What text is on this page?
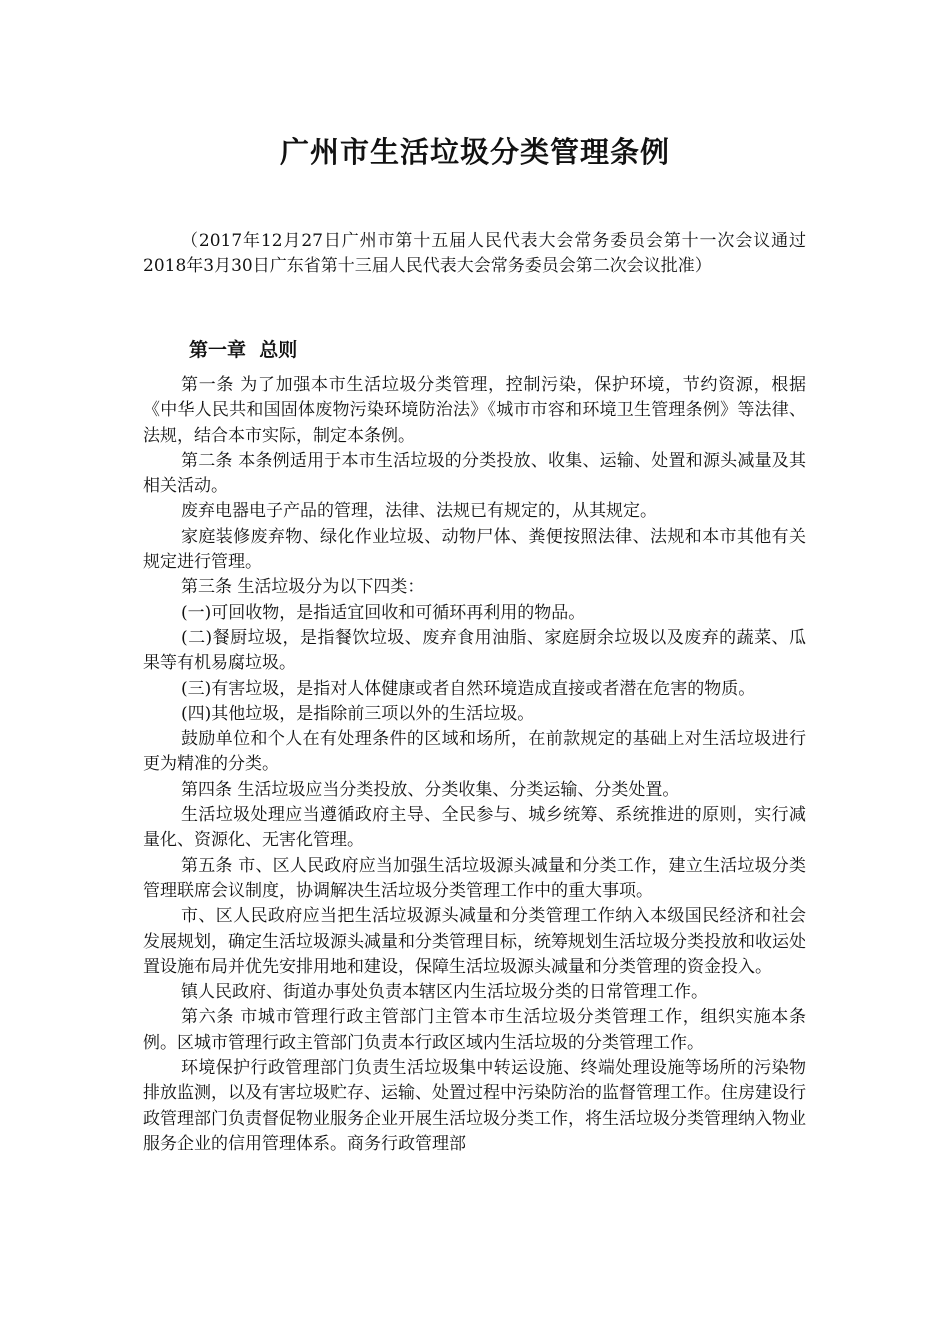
广州市生活垃圾分类管理条例

（2017年12月27日广州市第十五届人民代表大会常务委员会第十一次会议通过 2018年3月30日广东省第十三届人民代表大会常务委员会第二次会议批准）

第一章  总则

第一条 为了加强本市生活垃圾分类管理，控制污染，保护环境，节约资源，根据《中华人民共和国固体废物污染环境防治法》《城市市容和环境卫生管理条例》等法律、法规，结合本市实际，制定本条例。

第二条 本条例适用于本市生活垃圾的分类投放、收集、运输、处置和源头减量及其相关活动。

废弃电器电子产品的管理，法律、法规已有规定的，从其规定。

家庭装修废弃物、绿化作业垃圾、动物尸体、粪便按照法律、法规和本市其他有关规定进行管理。

第三条 生活垃圾分为以下四类：

(一)可回收物，是指适宜回收和可循环再利用的物品。

(二)餐厨垃圾，是指餐饮垃圾、废弃食用油脂、家庭厨余垃圾以及废弃的蔬菜、瓜果等有机易腐垃圾。

(三)有害垃圾，是指对人体健康或者自然环境造成直接或者潜在危害的物质。

(四)其他垃圾，是指除前三项以外的生活垃圾。

鼓励单位和个人在有处理条件的区域和场所，在前款规定的基础上对生活垃圾进行更为精准的分类。

第四条 生活垃圾应当分类投放、分类收集、分类运输、分类处置。

生活垃圾处理应当遵循政府主导、全民参与、城乡统筹、系统推进的原则，实行减量化、资源化、无害化管理。

第五条 市、区人民政府应当加强生活垃圾源头减量和分类工作，建立生活垃圾分类管理联席会议制度，协调解决生活垃圾分类管理工作中的重大事项。

市、区人民政府应当把生活垃圾源头减量和分类管理工作纳入本级国民经济和社会发展规划，确定生活垃圾源头减量和分类管理目标，统筹规划生活垃圾分类投放和收运处置设施布局并优先安排用地和建设，保障生活垃圾源头减量和分类管理的资金投入。

镇人民政府、街道办事处负责本辖区内生活垃圾分类的日常管理工作。

第六条 市城市管理行政主管部门主管本市生活垃圾分类管理工作，组织实施本条例。区城市管理行政主管部门负责本行政区域内生活垃圾的分类管理工作。

环境保护行政管理部门负责生活垃圾集中转运设施、终端处理设施等场所的污染物排放监测，以及有害垃圾贮存、运输、处置过程中污染防治的监督管理工作。住房建设行政管理部门负责督促物业服务企业开展生活垃圾分类工作，将生活垃圾分类管理纳入物业服务企业的信用管理体系。商务行政管理部
